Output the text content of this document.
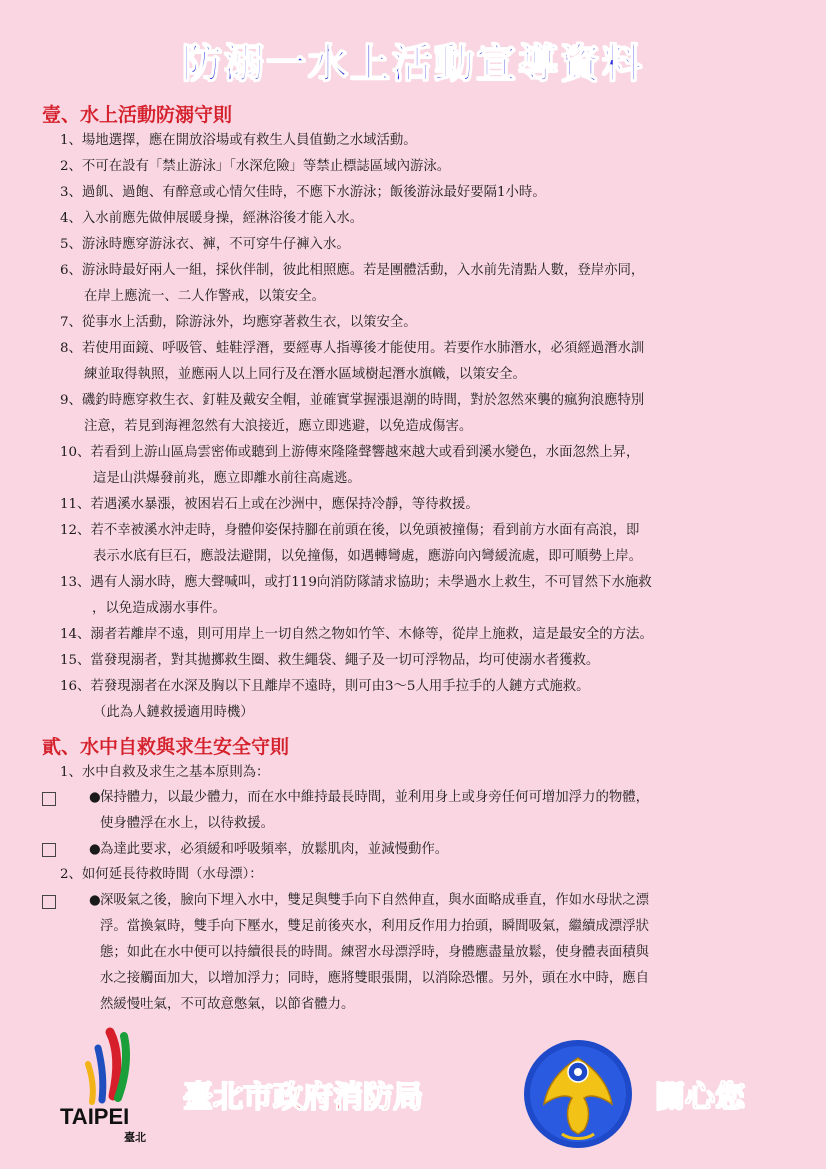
防溺一水上活動宣導資料
壹、水上活動防溺守則
1、場地選擇，應在開放浴場或有救生人員值勤之水域活動。
2、不可在設有「禁止游泳」「水深危險」等禁止標誌區域內游泳。
3、過飢、過飽、有醉意或心情欠佳時，不應下水游泳；飯後游泳最好要隔1小時。
4、入水前應先做伸展暖身操，經淋浴後才能入水。
5、游泳時應穿游泳衣、褲，不可穿牛仔褲入水。
6、游泳時最好兩人一組，採伙伴制，彼此相照應。若是團體活動，入水前先清點人數，登岸亦同，
在岸上應流一、二人作警戒，以策安全。
7、從事水上活動，除游泳外，均應穿著救生衣，以策安全。
8、若使用面鏡、呼吸管、蛙鞋浮潛，要經專人指導後才能使用。若要作水肺潛水，必須經過潛水訓
練並取得執照，並應兩人以上同行及在潛水區域樹起潛水旗幟，以策安全。
9、磯釣時應穿救生衣、釘鞋及戴安全帽，並確實掌握漲退潮的時間，對於忽然來襲的瘋狗浪應特別
注意，若見到海裡忽然有大浪接近，應立即逃避，以免造成傷害。
10、若看到上游山區烏雲密佈或聽到上游傳來隆隆聲響越來越大或看到溪水變色，水面忽然上昇，
這是山洪爆發前兆，應立即離水前往高處逃。
11、若遇溪水暴漲，被困岩石上或在沙洲中，應保持冷靜，等待救援。
12、若不幸被溪水沖走時，身體仰姿保持腳在前頭在後，以免頭被撞傷；看到前方水面有高浪，即
表示水底有巨石，應設法避開，以免撞傷，如遇轉彎處，應游向內彎緩流處，即可順勢上岸。
13、遇有人溺水時，應大聲喊叫，或打119向消防隊請求協助；未學過水上救生，不可冒然下水施救
，以免造成溺水事件。
14、溺者若離岸不遠，則可用岸上一切自然之物如竹竿、木條等，從岸上施救，這是最安全的方法。
15、當發現溺者，對其拋擲救生圈、救生繩袋、繩子及一切可浮物品，均可使溺水者獲救。
16、若發現溺者在水深及胸以下且離岸不遠時，則可由3～5人用手拉手的人鏈方式施救。
（此為人鏈救援適用時機）
貳、水中自救與求生安全守則
1、水中自救及求生之基本原則為：
● 保持體力，以最少體力，而在水中維持最長時間，並利用身上或身旁任何可增加浮力的物體，
使身體浮在水上，以待救援。
● 為達此要求，必須緩和呼吸頻率，放鬆肌肉，並減慢動作。
2、如何延長待救時間（水母漂）：
● 深吸氣之後，臉向下埋入水中，雙足與雙手向下自然伸直，與水面略成垂直，作如水母狀之漂
浮。當換氣時，雙手向下壓水，雙足前後夾水，利用反作用力抬頭，瞬間吸氣，繼續成漂浮狀
態；如此在水中便可以持續很長的時間。練習水母漂浮時，身體應盡量放鬆，使身體表面積與
水之接觸面加大，以增加浮力；同時，應將雙眼張開，以消除恐懼。另外，頭在水中時，應自
然緩慢吐氣，不可故意憋氣，以節省體力。
TAIPEI
臺北
臺北市政府消防局	關心您
